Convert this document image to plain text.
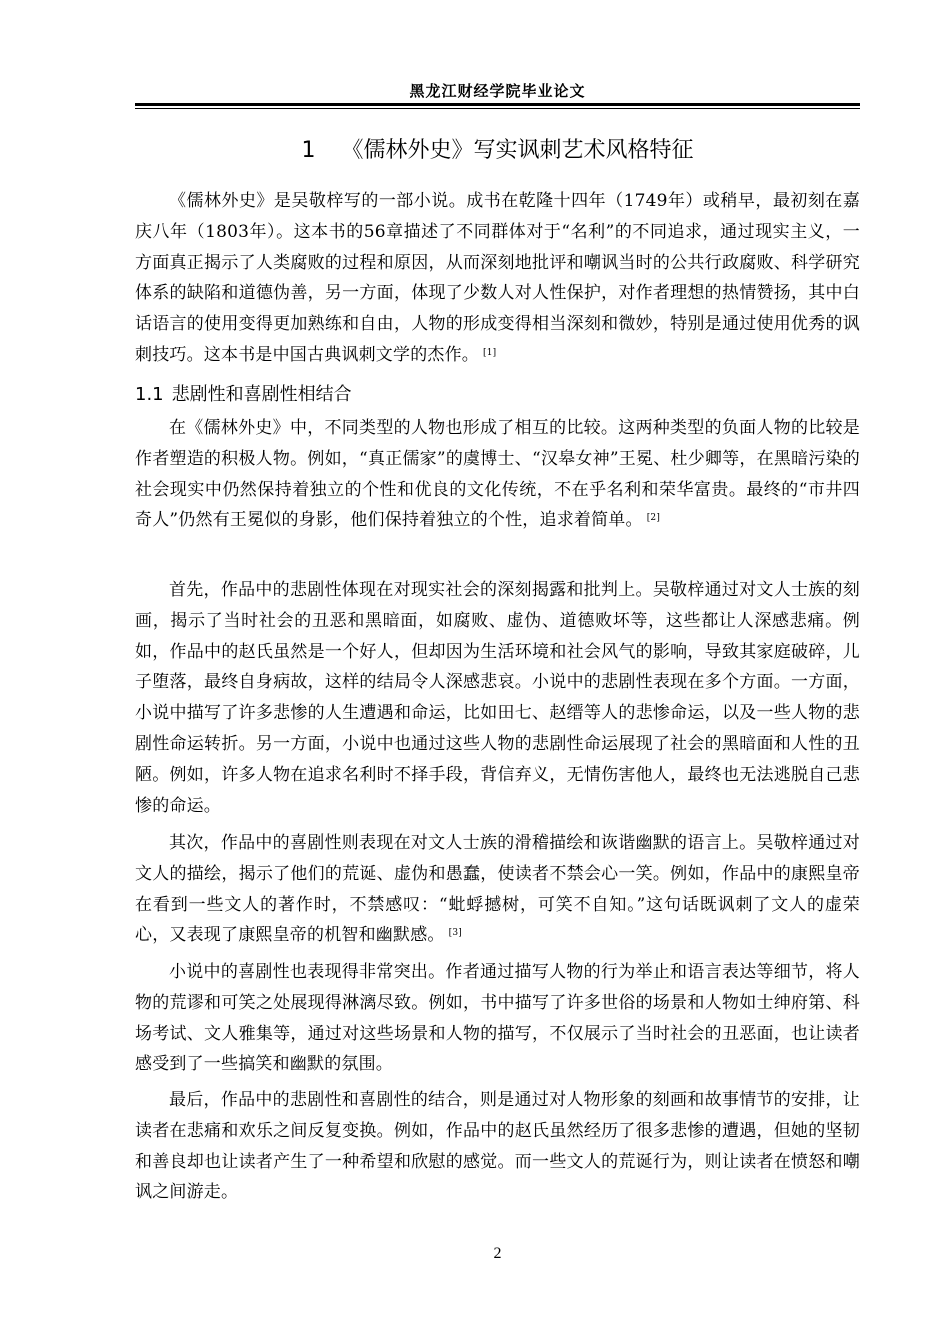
黑龙江财经学院毕业论文
1 《儒林外史》写实讽刺艺术风格特征

《儒林外史》是吴敬梓写的一部小说。成书在乾隆十四年（1749年）或稍早，最初刻在嘉庆八年（1803年）。这本书的56章描述了不同群体对于“名利”的不同追求，通过现实主义，一方面真正揭示了人类腐败的过程和原因，从而深刻地批评和嘲讽当时的公共行政腐败、科学研究体系的缺陷和道德伪善，另一方面，体现了少数人对人性保护，对作者理想的热情赞扬，其中白话语言的使用变得更加熟练和自由，人物的形成变得相当深刻和微妙，特别是通过使用优秀的讽刺技巧。这本书是中国古典讽刺文学的杰作。 [1]

1.1 悲剧性和喜剧性相结合

在《儒林外史》中，不同类型的人物也形成了相互的比较。这两种类型的负面人物的比较是作者塑造的积极人物。例如，“真正儒家”的虞博士、“汉皋女神”王冕、杜少卿等，在黑暗污染的社会现实中仍然保持着独立的个性和优良的文化传统，不在乎名利和荣华富贵。最终的“市井四奇人”仍然有王冕似的身影，他们保持着独立的个性，追求着简单。 [2]

首先，作品中的悲剧性体现在对现实社会的深刻揭露和批判上。吴敬梓通过对文人士族的刻画，揭示了当时社会的丑恶和黑暗面，如腐败、虚伪、道德败坏等，这些都让人深感悲痛。例如，作品中的赵氏虽然是一个好人，但却因为生活环境和社会风气的影响，导致其家庭破碎，儿子堕落，最终自身病故，这样的结局令人深感悲哀。小说中的悲剧性表现在多个方面。一方面，小说中描写了许多悲惨的人生遭遇和命运，比如田七、赵缙等人的悲惨命运，以及一些人物的悲剧性命运转折。另一方面，小说中也通过这些人物的悲剧性命运展现了社会的黑暗面和人性的丑陋。例如，许多人物在追求名利时不择手段，背信弃义，无情伤害他人，最终也无法逃脱自己悲惨的命运。

其次，作品中的喜剧性则表现在对文人士族的滑稽描绘和诙谐幽默的语言上。吴敬梓通过对文人的描绘，揭示了他们的荒诞、虚伪和愚蠢，使读者不禁会心一笑。例如，作品中的康熙皇帝在看到一些文人的著作时，不禁感叹：“蚍蜉撼树，可笑不自知。”这句话既讽刺了文人的虚荣心，又表现了康熙皇帝的机智和幽默感。 [3]

小说中的喜剧性也表现得非常突出。作者通过描写人物的行为举止和语言表达等细节，将人物的荒谬和可笑之处展现得淋漓尽致。例如，书中描写了许多世俗的场景和人物如士绅府第、科场考试、文人雅集等，通过对这些场景和人物的描写，不仅展示了当时社会的丑恶面，也让读者感受到了一些搞笑和幽默的氛围。

最后，作品中的悲剧性和喜剧性的结合，则是通过对人物形象的刻画和故事情节的安排，让读者在悲痛和欢乐之间反复变换。例如，作品中的赵氏虽然经历了很多悲惨的遭遇，但她的坚韧和善良却也让读者产生了一种希望和欣慰的感觉。而一些文人的荒诞行为，则让读者在愤怒和嘲讽之间游走。

2
